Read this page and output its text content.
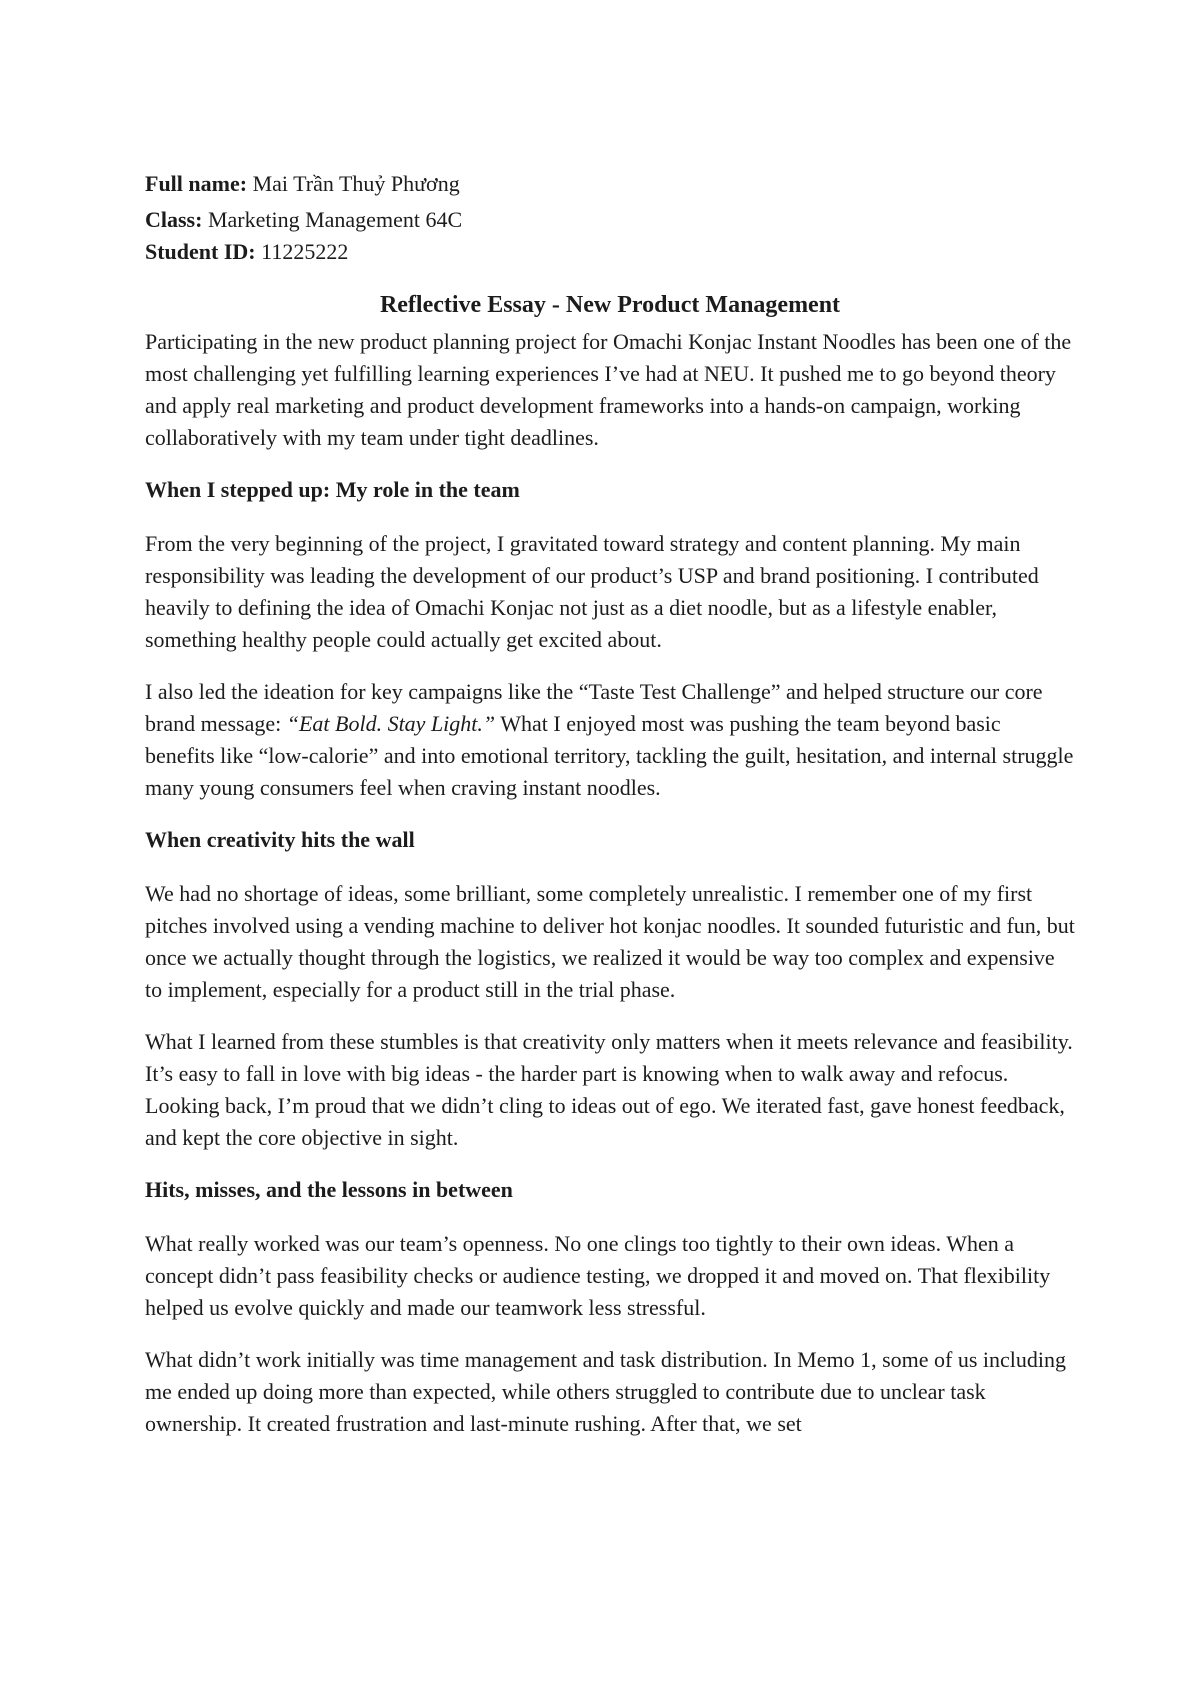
Full name: Mai Trần Thuỷ Phương

Class: Marketing Management 64C

Student ID: 11225222

Reflective Essay - New Product Management

Participating in the new product planning project for Omachi Konjac Instant Noodles has been one of the most challenging yet fulfilling learning experiences I’ve had at NEU. It pushed me to go beyond theory and apply real marketing and product development frameworks into a hands-on campaign, working collaboratively with my team under tight deadlines.

When I stepped up: My role in the team

From the very beginning of the project, I gravitated toward strategy and content planning. My main responsibility was leading the development of our product’s USP and brand positioning. I contributed heavily to defining the idea of Omachi Konjac not just as a diet noodle, but as a lifestyle enabler, something healthy people could actually get excited about.

I also led the ideation for key campaigns like the “Taste Test Challenge” and helped structure our core brand message: “Eat Bold. Stay Light.” What I enjoyed most was pushing the team beyond basic benefits like “low-calorie” and into emotional territory, tackling the guilt, hesitation, and internal struggle many young consumers feel when craving instant noodles.

When creativity hits the wall

We had no shortage of ideas, some brilliant, some completely unrealistic. I remember one of my first pitches involved using a vending machine to deliver hot konjac noodles. It sounded futuristic and fun, but once we actually thought through the logistics, we realized it would be way too complex and expensive to implement, especially for a product still in the trial phase.

What I learned from these stumbles is that creativity only matters when it meets relevance and feasibility. It’s easy to fall in love with big ideas - the harder part is knowing when to walk away and refocus. Looking back, I’m proud that we didn’t cling to ideas out of ego. We iterated fast, gave honest feedback, and kept the core objective in sight.

Hits, misses, and the lessons in between

What really worked was our team’s openness. No one clings too tightly to their own ideas. When a concept didn’t pass feasibility checks or audience testing, we dropped it and moved on. That flexibility helped us evolve quickly and made our teamwork less stressful.

What didn’t work initially was time management and task distribution. In Memo 1, some of us including me ended up doing more than expected, while others struggled to contribute due to unclear task ownership. It created frustration and last-minute rushing. After that, we set
